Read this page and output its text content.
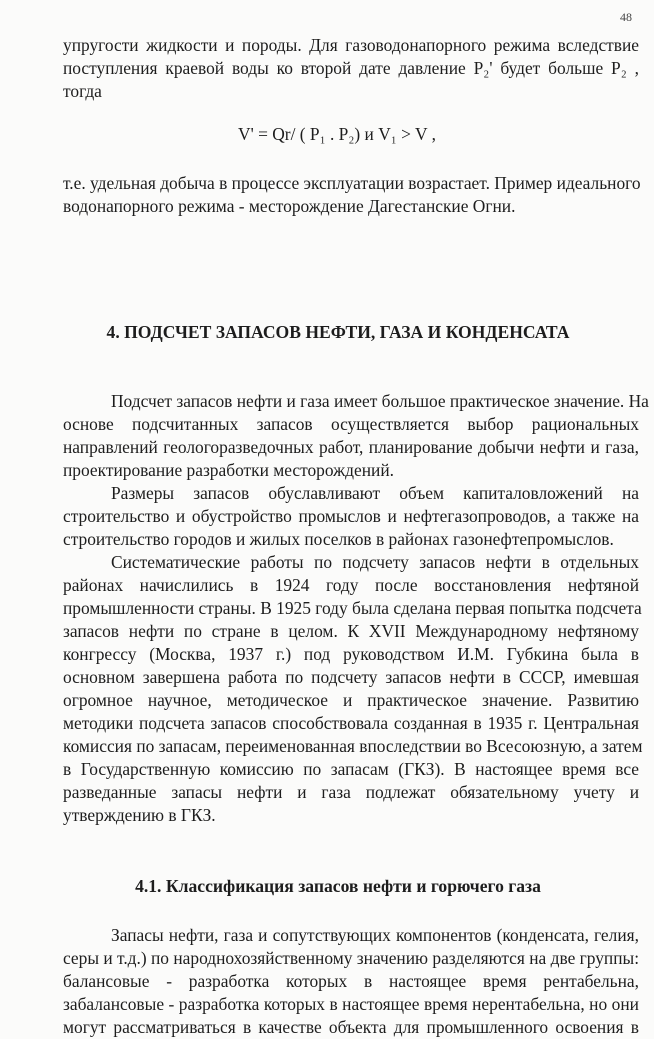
48
упругости жидкости и породы. Для газоводонапорного режима вследствие
поступления краевой воды ко второй дате давление P₂' будет больше P₂ ,
тогда
V' = Qr/ ( P₁ . P₂) и V₁ > V ,
т.е. удельная добыча в процессе эксплуатации возрастает. Пример идеального
водонапорного режима - месторождение Дагестанские Огни.
4. ПОДСЧЕТ ЗАПАСОВ НЕФТИ, ГАЗА И КОНДЕНСАТА
Подсчет запасов нефти и газа имеет большое практическое значение. На
основе подсчитанных запасов осуществляется выбор рациональных
направлений геологоразведочных работ, планирование добычи нефти и газа,
проектирование разработки месторождений.
Размеры запасов обуславливают объем капиталовложений на
строительство и обустройство промыслов и нефтегазопроводов, а также на
строительство городов и жилых поселков в районах газонефтепромыслов.
Систематические работы по подсчету запасов нефти в отдельных
районах начислились в 1924 году после восстановления нефтяной
промышленности страны. В 1925 году была сделана первая попытка подсчета
запасов нефти по стране в целом. К XVII Международному нефтяному
конгрессу (Москва, 1937 г.) под руководством И.М. Губкина была в
основном завершена работа по подсчету запасов нефти в СССР, имевшая
огромное научное, методическое и практическое значение. Развитию
методики подсчета запасов способствовала созданная в 1935 г. Центральная
комиссия по запасам, переименованная впоследствии во Всесоюзную, а затем
в Государственную комиссию по запасам (ГКЗ). В настоящее время все
разведанные запасы нефти и газа подлежат обязательному учету и
утверждению в ГКЗ.
4.1. Классификация запасов нефти и горючего газа
Запасы нефти, газа и сопутствующих компонентов (конденсата, гелия,
серы и т.д.) по народнохозяйственному значению разделяются на две группы:
балансовые - разработка которых в настоящее время рентабельна,
забалансовые - разработка которых в настоящее время нерентабельна, но они
могут рассматриваться в качестве объекта для промышленного освоения в
